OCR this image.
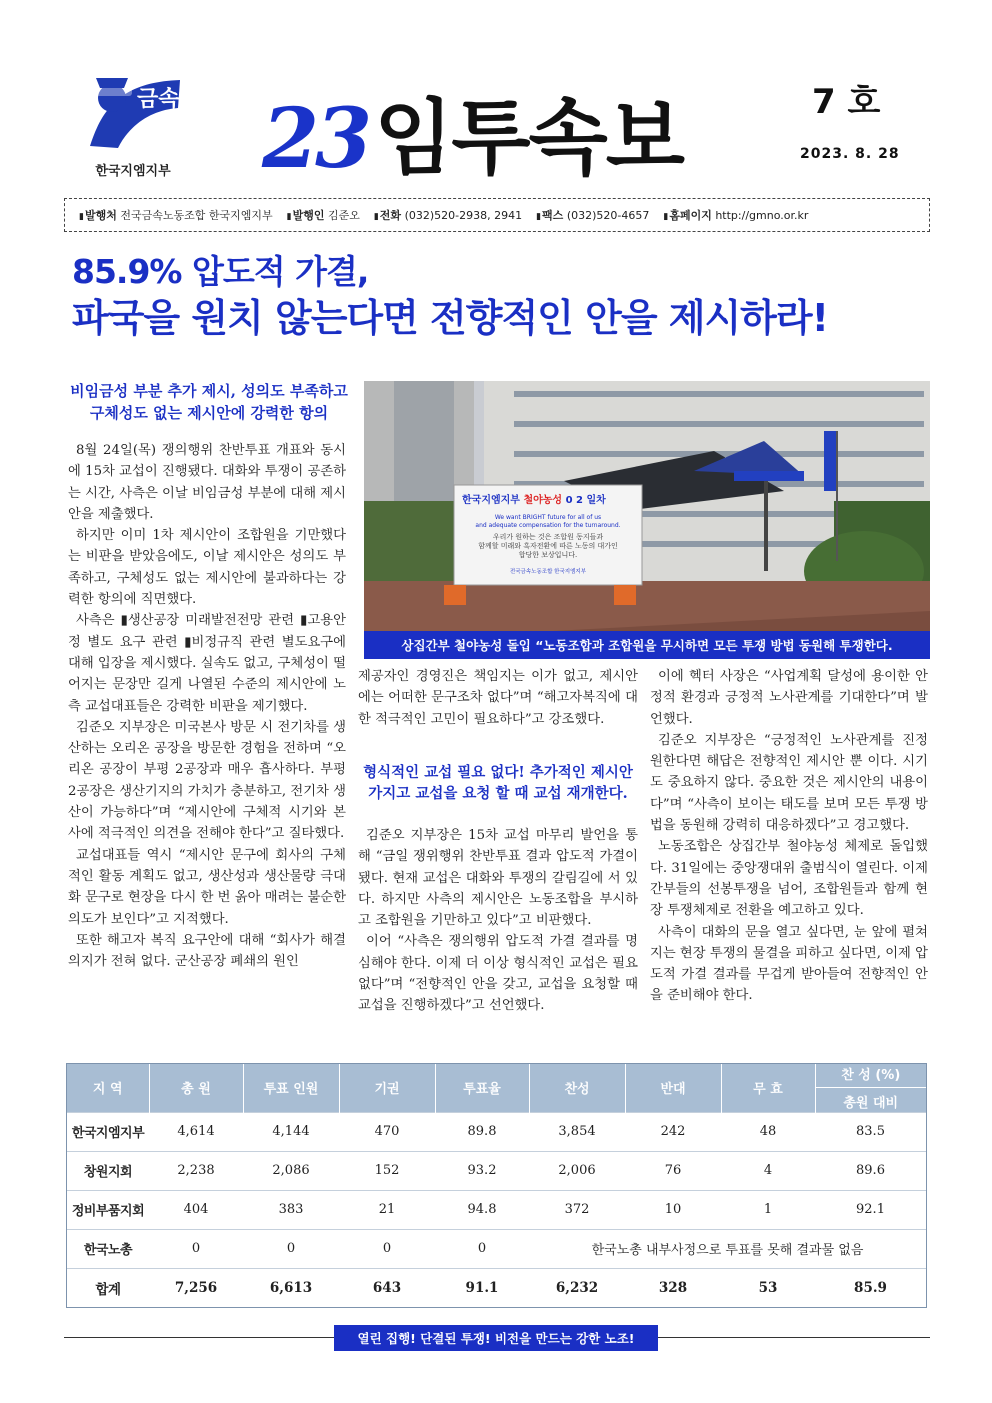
금속
한국지엠지부 23 임투속보	7 호
2023. 8. 28
▮ 발행처 전국금속노동조합 한국지엠지부	▮ 발행인 김준오	▮ 전화 (032)520-2938, 2941	▮ 팩스 (032)520-4657	▮ 홈페이지 http://gmno.or.kr
85.9% 압도적 가결,
파국을 원치 않는다면 전향적인 안을 제시하라!
비임금성 부분 추가 제시, 성의도 부족하고
구체성도 없는 제시안에 강력한 항의

8월 24일(목) 쟁의행위 찬반투표 개표와 동시에 15차 교섭이 진행됐다. 대화와 투쟁이 공존하는 시간, 사측은 이날 비임금성 부분에 대해 제시안을 제출했다.

하지만 이미 1차 제시안이 조합원을 기만했다는 비판을 받았음에도, 이날 제시안은 성의도 부족하고, 구체성도 없는 제시안에 불과하다는 강력한 항의에 직면했다.

사측은 ▮생산공장 미래발전전망 관련 ▮고용안정 별도 요구 관련 ▮비정규직 관련 별도요구에 대해 입장을 제시했다. 실속도 없고, 구체성이 떨어지는 문장만 길게 나열된 수준의 제시안에 노측 교섭대표들은 강력한 비판을 제기했다.

김준오 지부장은 미국본사 방문 시 전기차를 생산하는 오리온 공장을 방문한 경험을 전하며 “오리온 공장이 부평 2공장과 매우 흡사하다. 부평 2공장은 생산기지의 가치가 충분하고, 전기차 생산이 가능하다”며 “제시안에 구체적 시기와 본사에 적극적인 의견을 전해야 한다”고 질타했다.

교섭대표들 역시 “제시안 문구에 회사의 구체적인 활동 계획도 없고, 생산성과 생산물량 극대화 문구로 현장을 다시 한 번 옭아 매려는 불순한 의도가 보인다”고 지적했다.

또한 해고자 복직 요구안에 대해 “회사가 해결 의지가 전혀 없다. 군산공장 폐쇄의 원인

한국지엠지부 철야농성 0 2 일차
We want BRIGHT future for all of us
and adequate compensation for the turnaround.
우리가 원하는 것은 조합원 동지들과
함께할 미래와 흑자전환에 따른 노동의 대가인
합당한 보상입니다.
전국금속노동조합 한국지엠지부
상집간부 철야농성 돌입 “노동조합과 조합원을 무시하면 모든 투쟁 방법 동원해 투쟁한다.

제공자인 경영진은 책임지는 이가 없고, 제시안에는 어떠한 문구조차 없다”며 “해고자복직에 대한 적극적인 고민이 필요하다”고 강조했다.

형식적인 교섭 필요 없다! 추가적인 제시안
가지고 교섭을 요청 할 때 교섭 재개한다.

김준오 지부장은 15차 교섭 마무리 발언을 통해 “금일 쟁위행위 찬반투표 결과 압도적 가결이 됐다. 현재 교섭은 대화와 투쟁의 갈림길에 서 있다. 하지만 사측의 제시안은 노동조합을 부시하고 조합원을 기만하고 있다”고 비판했다.

이어 “사측은 쟁의행위 압도적 가결 결과를 명심해야 한다. 이제 더 이상 형식적인 교섭은 필요없다”며 “전향적인 안을 갖고, 교섭을 요청할 때 교섭을 진행하겠다”고 선언했다.

이에 헥터 사장은 “사업계획 달성에 용이한 안정적 환경과 긍정적 노사관계를 기대한다”며 발언했다.

김준오 지부장은 “긍정적인 노사관계를 진정 원한다면 해답은 전향적인 제시안 뿐 이다. 시기도 중요하지 않다. 중요한 것은 제시안의 내용이다”며 “사측이 보이는 태도를 보며 모든 투쟁 방법을 동원해 강력히 대응하겠다”고 경고했다.

노동조합은 상집간부 철야농성 체제로 돌입했다. 31일에는 중앙쟁대위 출범식이 열린다. 이제 간부들의 선봉투쟁을 넘어, 조합원들과 함께 현장 투쟁체제로 전환을 예고하고 있다.

사측이 대화의 문을 열고 싶다면, 눈 앞에 펼쳐지는 현장 투쟁의 물결을 피하고 싶다면, 이제 압도적 가결 결과를 무겁게 받아들여 전향적인 안을 준비해야 한다.

지 역	총 원	투표 인원	기권	투표율	찬성	반대	무 효	찬 성 (%)
총원 대비

한국지엠지부	4,614	4,144	470	89.8	3,854	242	48	83.5
창원지회	2,238	2,086	152	93.2	2,006	76	4	89.6
정비부품지회	404	383	21	94.8	372	10	1	92.1
한국노총	0	0	0	0	한국노총 내부사정으로 투표를 못해 결과물 없음			
합계	7,256	6,613	643	91.1	6,232	328	53	85.9
열린 집행! 단결된 투쟁! 비전을 만드는 강한 노조!
